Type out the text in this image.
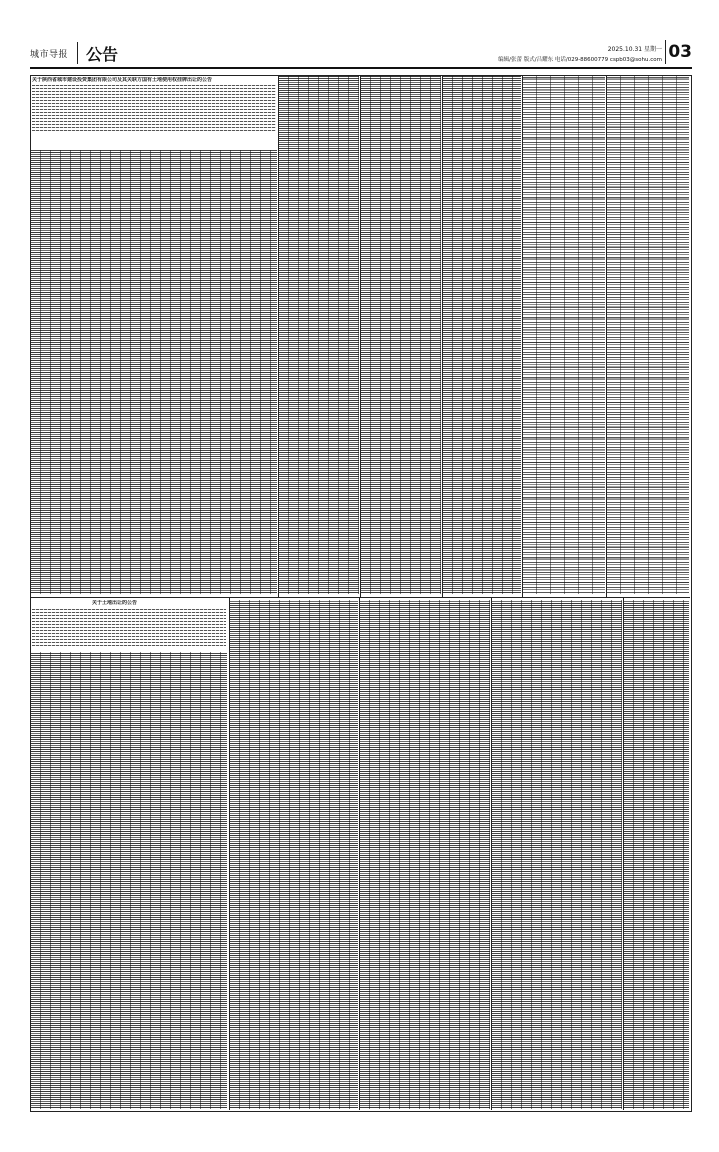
城市导报 公告	2025.10.31 星期一
编辑/张蕾 版式/吕耀东 电话/029-88600779 cspb03@sohu.com 03
关于陕西省城市建设投资集团有限公司及其关联方国有土地使用权挂牌出让的公告
关于土地出让的公告
